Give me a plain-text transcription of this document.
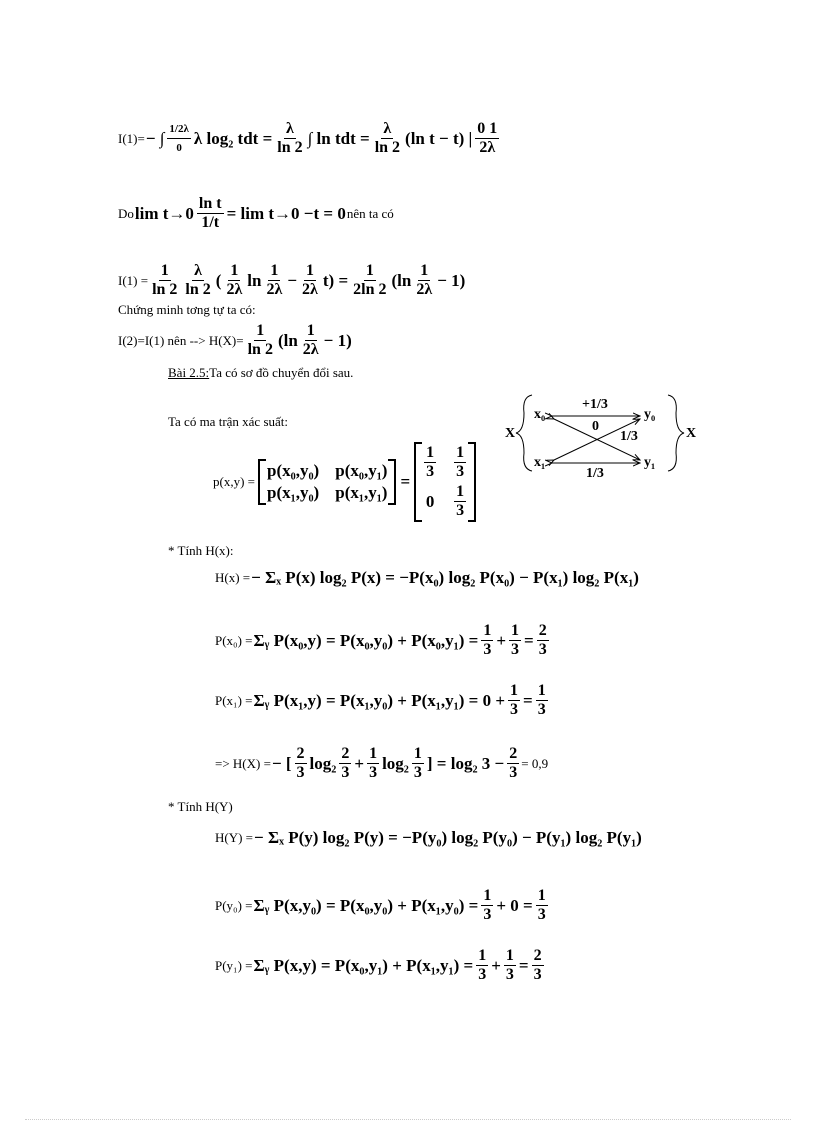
I(1)= − ∫ $\frac{1/2\lambda}{0}$ λ log₂ tdt = $\frac{\lambda}{\ln 2}$ ∫ ln tdt = $\frac{\lambda}{\ln 2} (\ln$ t − t) | $\frac{0 1}{2\lambda}$
Do $\lim t\to 0 \frac{\text{ln t}}{1/t} = \lim t\to 0 -t = 0$ nên ta có
$I(1) = \frac{1}{\ln 2} \frac{\lambda}{\ln 2}$ ( $\frac{1}{2\lambda}$ $\ln \frac{1}{2\lambda} - \frac{1}{2\lambda} t) = \frac{1}{2\ln 2} (\ln \frac{1}{2\lambda} - 1)$
Chứng minh tơng tự ta có:
I(2)=I(1) nên --> $H(X)= \frac{1}{\ln 2} (\ln \frac{1}{2\lambda} - 1)$
Bài 2.5: Ta có sơ đồ chuyển đổi sau.
Ta có ma trận xác suất:
* Tính H(x):
H(x) = − Σₓ P(x) log₂ P(x) = −P(x₀) log₂ P(x₀) − P(x₁) log₂ P(x₁)
P(x₀) = Σᵧ $P(x_0,y) = P(x_0,y_0) + P(x_0,y_1) = \frac{1}{3} + \frac{1}{3} = \frac{2}{3}$
P(x₁) = Σᵧ $P(x_1,y) = P(x_1,y_0) + P(x_1,y_1) = 0 + \frac{1}{3} = \frac{1}{3}$
=> H(X) = − [ $\frac{2}{3} \log_2 \frac{2}{3} + \frac{1}{3} \log_2 \frac{1}{3}$ ] = log₂ $3 - \frac{2}{3} = 0,9$
* Tính H(Y)
H(Y) = − Σₓ P(y) log₂ P(y) = −P(y₀) log₂ P(y₀) − P(y₁) log₂ P(y₁)
P(y₀) = Σᵧ $P(x,y_0) = P(x_0,y_0) + P(x_1,y_0) = \frac{1}{3} + 0 = \frac{1}{3}$
P(y₁) = Σᵧ $P(x,y) = P(x_0,y_1) + P(x_1,y_1) = \frac{1}{3} + \frac{1}{3} = \frac{2}{3}$
p(x,y) =
p(x₀,y₀) p(x₀,y₁)
p(x₁,y₀) p(x₁,y₁)
=
$\frac{1}{3} \frac{1}{3}$
$0 \frac{1}{3}$
X	X
x₀
x₁
y₀
y₁
+1/3
0
1/3
1/3
